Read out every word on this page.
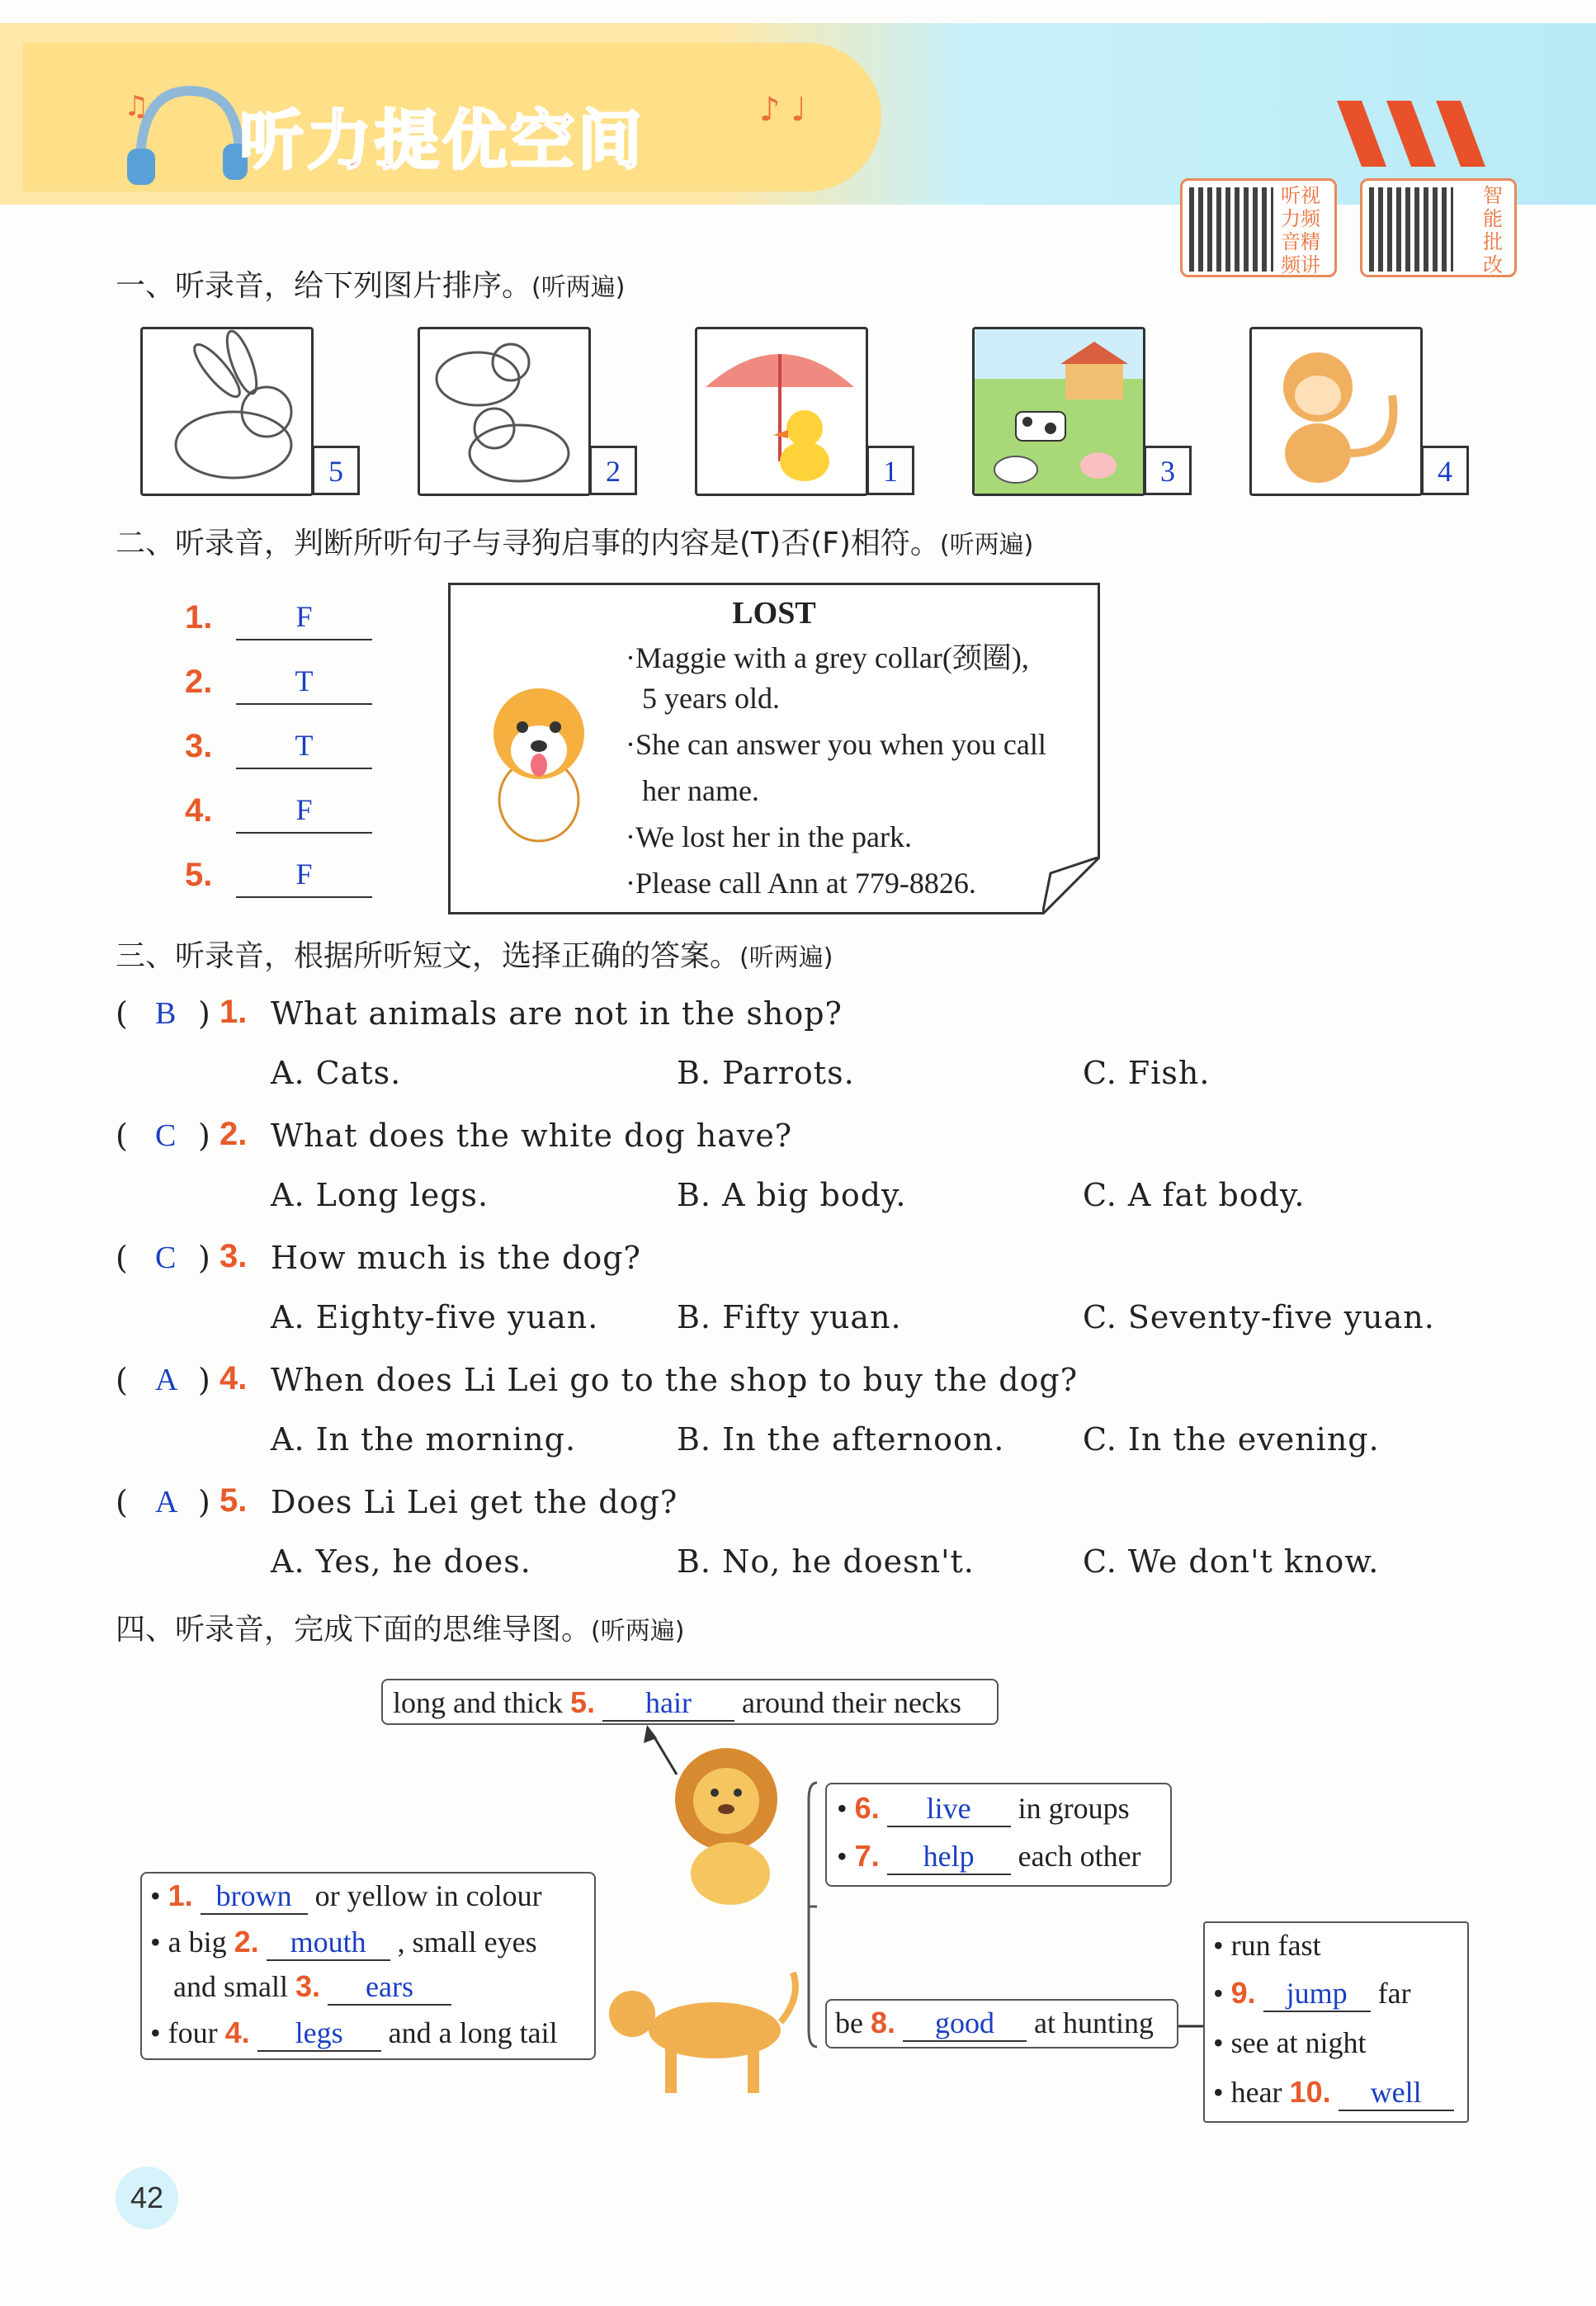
♫ 听力提优空间	♪ ♩
听视力频音精频讲
智能批改
一、听录音，给下列图片排序。(听两遍)
5	2	1	3	4
二、听录音，判断所听句子与寻狗启事的内容是(T)否(F)相符。(听两遍)
1.	F
2.	T
3.	T
4.	F
5.	F
LOST
·Maggie with a grey collar(颈圈),
5 years old.
·She can answer you when you call
her name.
·We lost her in the park.
·Please call Ann at 779-8826.
三、听录音，根据所听短文，选择正确的答案。(听两遍)
( B ) 1. What animals are not in the shop?
A. Cats.	B. Parrots.	C. Fish.
( C ) 2. What does the white dog have?
A. Long legs.	B. A big body.	C. A fat body.
( C ) 3. How much is the dog?
A. Eighty-five yuan. B. Fifty yuan.	C. Seventy-five yuan.
( A ) 4. When does Li Lei go to the shop to buy the dog?
A. In the morning.	B. In the afternoon. C. In the evening.
( A ) 5. Does Li Lei get the dog?
A. Yes, he does.	B. No, he doesn't.	C. We don't know.
四、听录音，完成下面的思维导图。(听两遍)
long and thick 5. hair around their necks
• 1. brown or yellow in colour
• a big 2. mouth , small eyes
and small 3. ears
• four 4. legs and a long tail
• 6. live in groups
• 7. help each other
be 8. good at hunting
• run fast
• 9. jump far
• see at night
• hear 10. well
42
